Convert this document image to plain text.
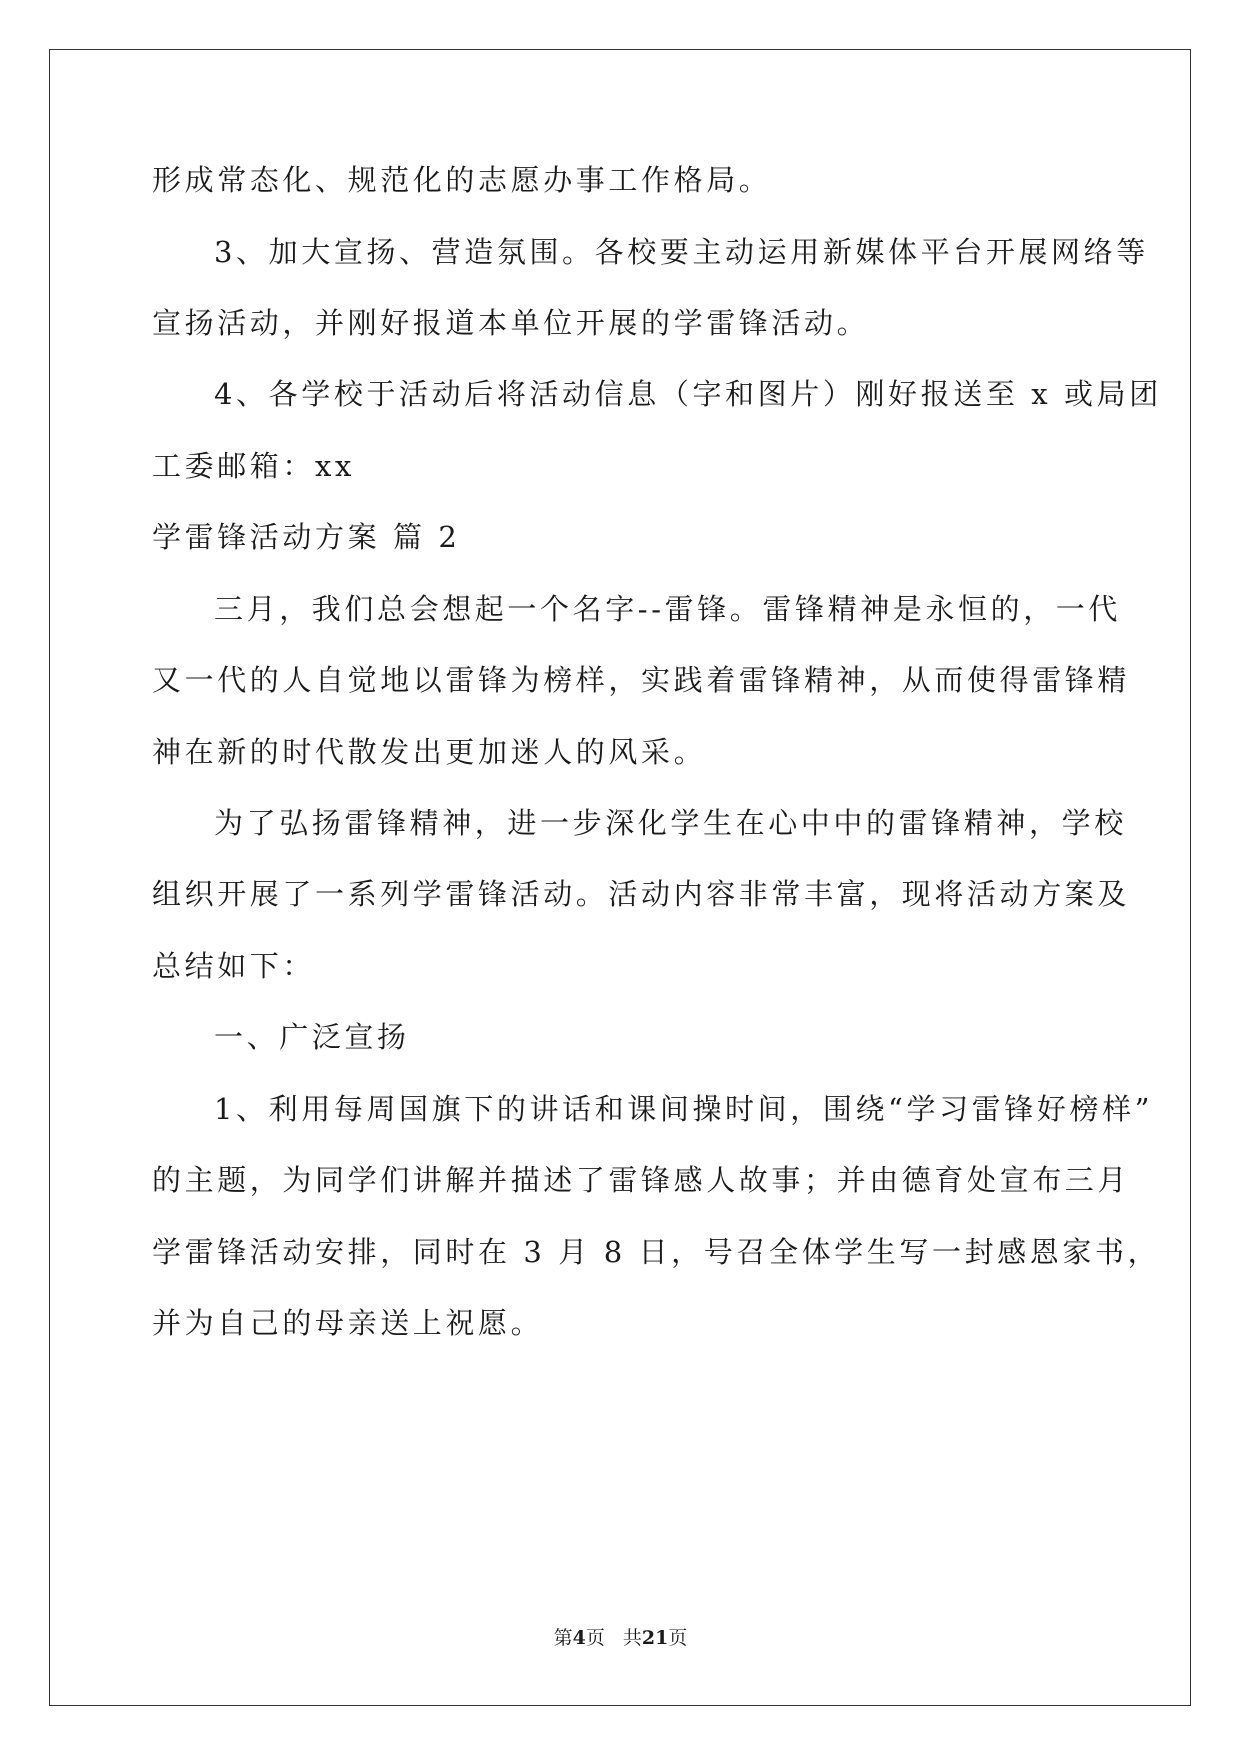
形成常态化、规范化的志愿办事工作格局。
3、加大宣扬、营造氛围。各校要主动运用新媒体平台开展网络等
宣扬活动，并刚好报道本单位开展的学雷锋活动。
4、各学校于活动后将活动信息（字和图片）刚好报送至 x 或局团
工委邮箱：xx
学雷锋活动方案 篇 2
三月，我们总会想起一个名字--雷锋。雷锋精神是永恒的，一代
又一代的人自觉地以雷锋为榜样，实践着雷锋精神，从而使得雷锋精
神在新的时代散发出更加迷人的风采。
为了弘扬雷锋精神，进一步深化学生在心中中的雷锋精神，学校
组织开展了一系列学雷锋活动。活动内容非常丰富，现将活动方案及
总结如下：
一、广泛宣扬
1、利用每周国旗下的讲话和课间操时间，围绕“学习雷锋好榜样”
的主题，为同学们讲解并描述了雷锋感人故事；并由德育处宣布三月
学雷锋活动安排，同时在 3 月 8 日，号召全体学生写一封感恩家书，
并为自己的母亲送上祝愿。
第4页 共21页
